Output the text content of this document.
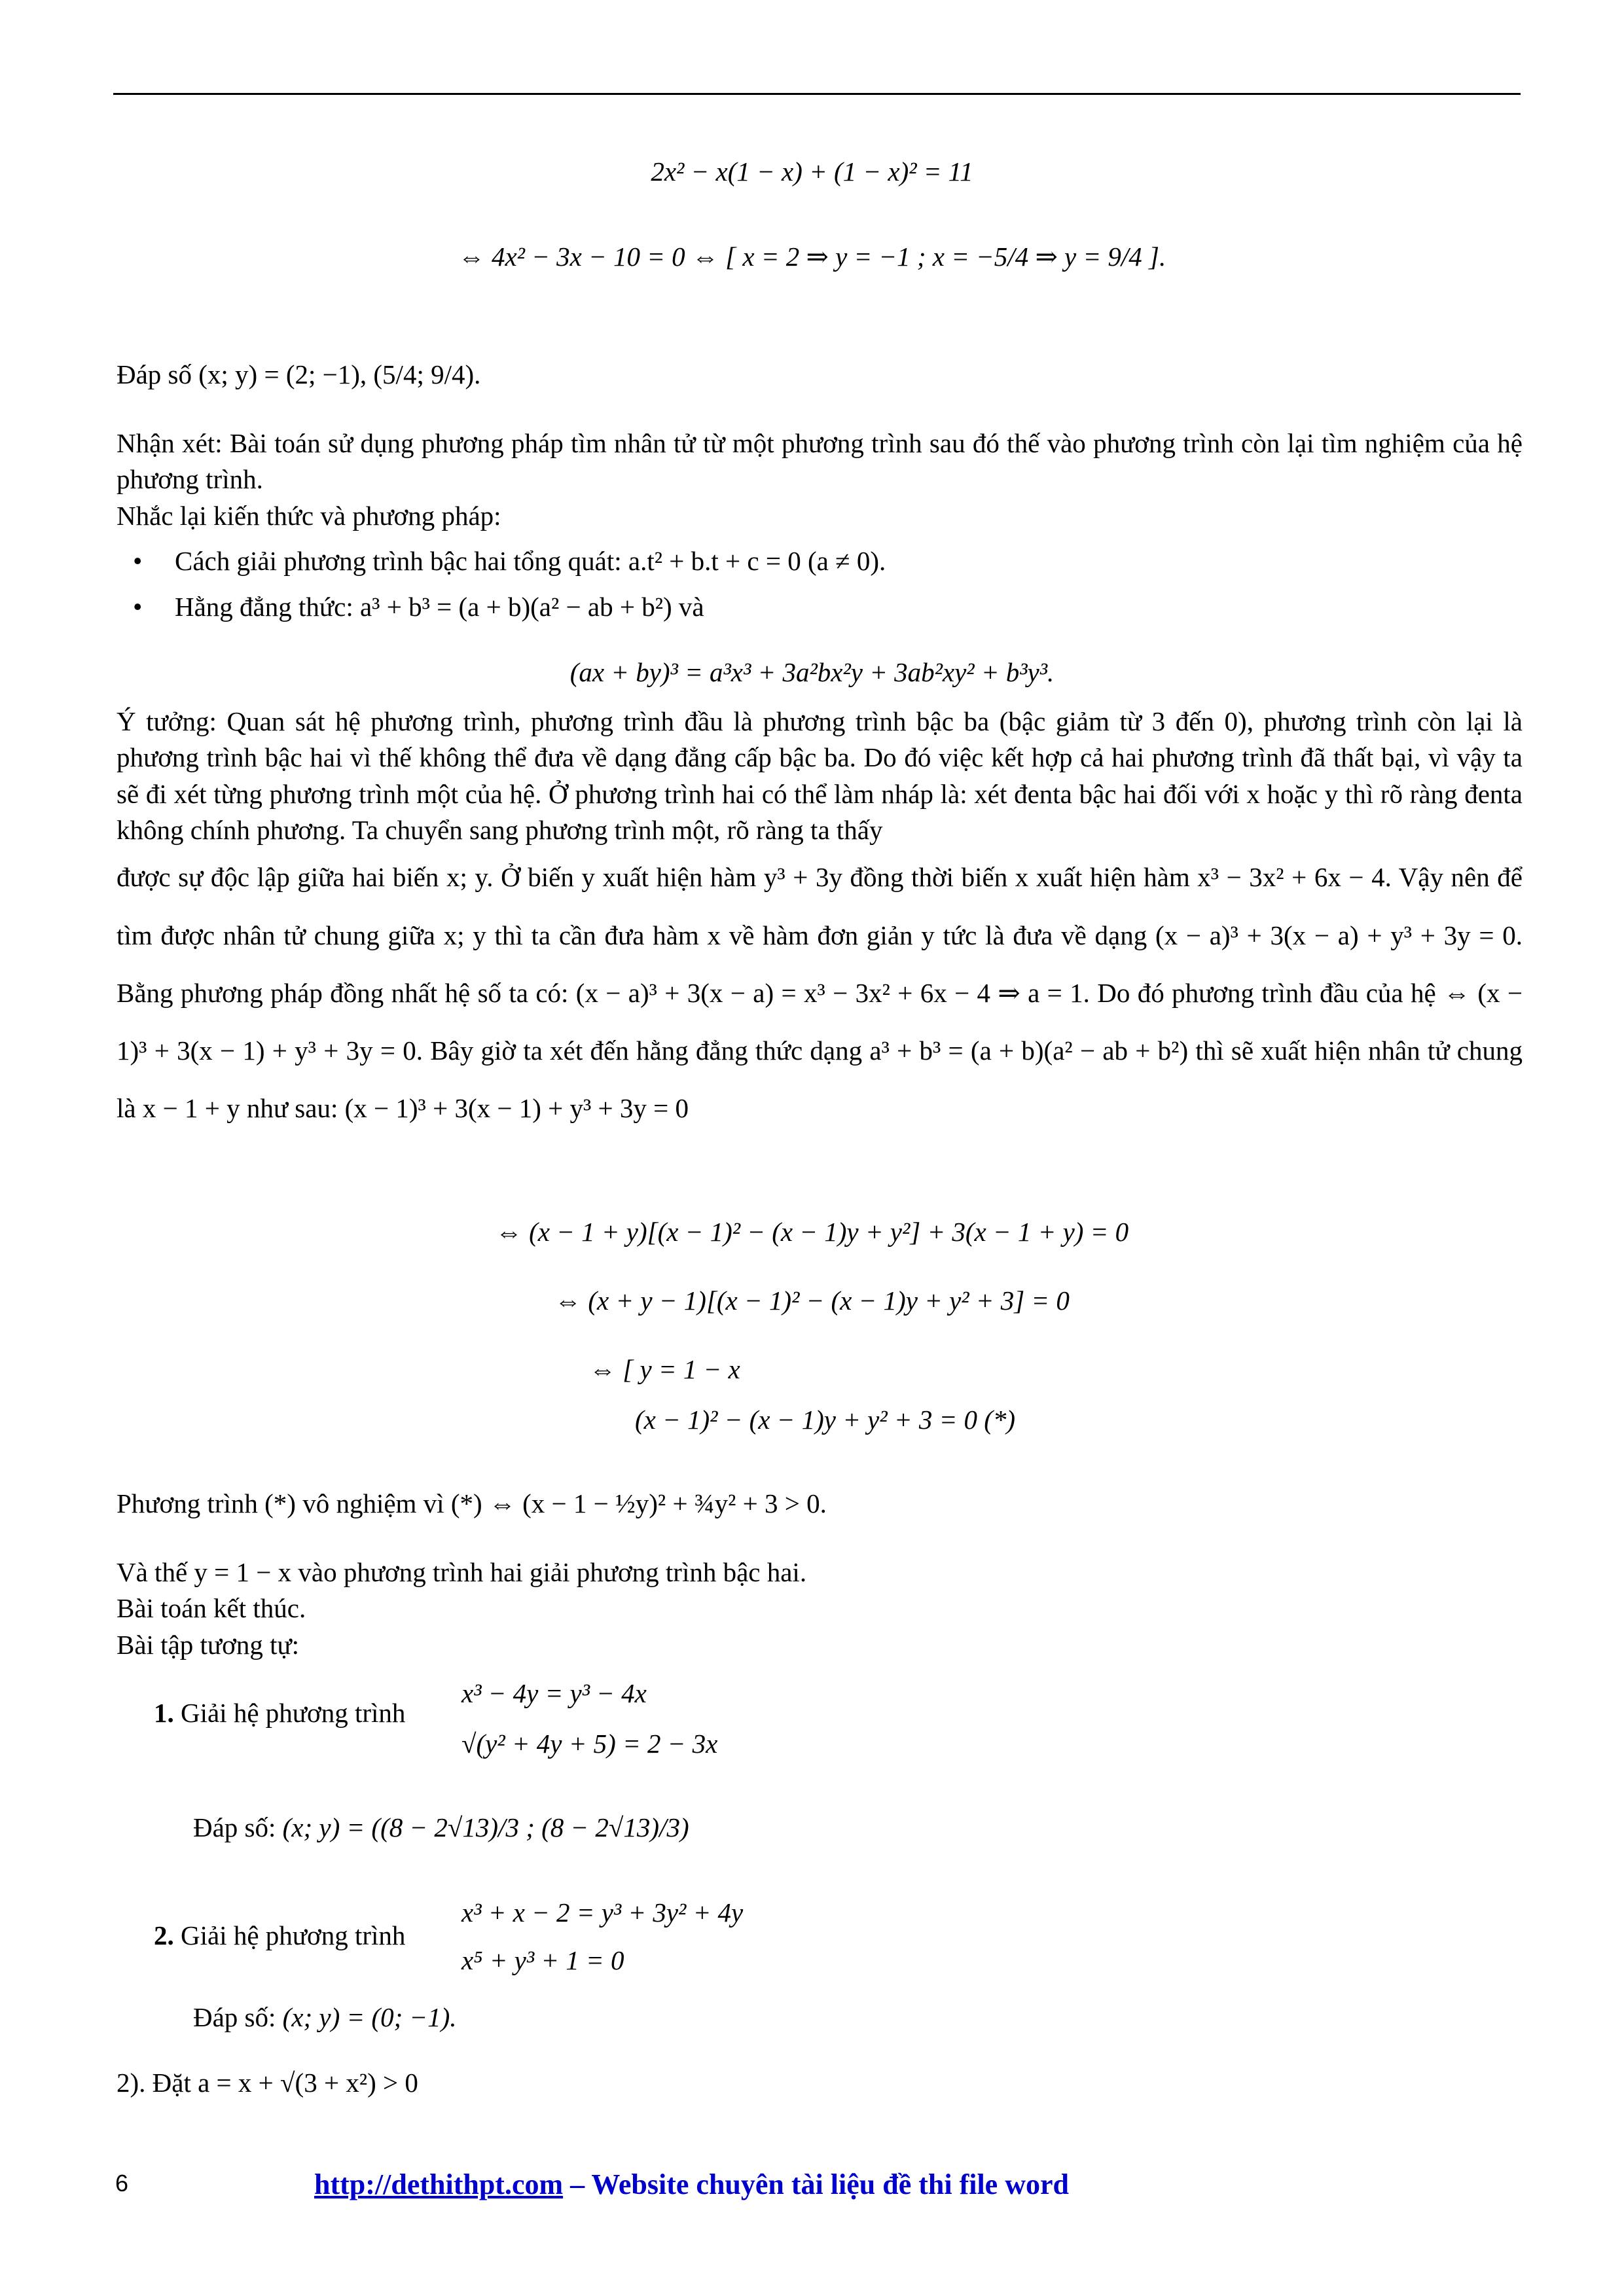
2x² − x(1 − x) + (1 − x)² = 11
⇔ 4x² − 3x − 10 = 0 ⇔ [ x = 2 ⇒ y = −1 ; x = −5/4 ⇒ y = 9/4 ].

Đáp số (x; y) = (2; −1), (5/4; 9/4).

Nhận xét: Bài toán sử dụng phương pháp tìm nhân tử từ một phương trình sau đó thế vào phương trình còn lại tìm nghiệm của hệ phương trình.

Nhắc lại kiến thức và phương pháp:

Cách giải phương trình bậc hai tổng quát: a.t² + b.t + c = 0 (a ≠ 0).
Hằng đẳng thức: a³ + b³ = (a + b)(a² − ab + b²) và
(ax + by)³ = a³x³ + 3a²bx²y + 3ab²xy² + b³y³.

Ý tưởng: Quan sát hệ phương trình, phương trình đầu là phương trình bậc ba (bậc giảm từ 3 đến 0), phương trình còn lại là phương trình bậc hai vì thế không thể đưa về dạng đẳng cấp bậc ba. Do đó việc kết hợp cả hai phương trình đã thất bại, vì vậy ta sẽ đi xét từng phương trình một của hệ. Ở phương trình hai có thể làm nháp là: xét đenta bậc hai đối với x hoặc y thì rõ ràng đenta không chính phương. Ta chuyển sang phương trình một, rõ ràng ta thấy

được sự độc lập giữa hai biến x; y. Ở biến y xuất hiện hàm y³ + 3y đồng thời biến x xuất hiện hàm x³ − 3x² + 6x − 4. Vậy nên để tìm được nhân tử chung giữa x; y thì ta cần đưa hàm x về hàm đơn giản y tức là đưa về dạng (x − a)³ + 3(x − a) + y³ + 3y = 0. Bằng phương pháp đồng nhất hệ số ta có: (x − a)³ + 3(x − a) = x³ − 3x² + 6x − 4 ⇒ a = 1. Do đó phương trình đầu của hệ ⇔ (x − 1)³ + 3(x − 1) + y³ + 3y = 0. Bây giờ ta xét đến hằng đẳng thức dạng a³ + b³ = (a + b)(a² − ab + b²) thì sẽ xuất hiện nhân tử chung là x − 1 + y như sau: (x − 1)³ + 3(x − 1) + y³ + 3y = 0

⇔ (x − 1 + y)[(x − 1)² − (x − 1)y + y²] + 3(x − 1 + y) = 0
⇔ (x + y − 1)[(x − 1)² − (x − 1)y + y² + 3] = 0
⇔ [ y = 1 − x
(x − 1)² − (x − 1)y + y² + 3 = 0 (*)

Phương trình (*) vô nghiệm vì (*) ⇔ (x − 1 − ½y)² + ¾y² + 3 > 0.

Và thế y = 1 − x vào phương trình hai giải phương trình bậc hai.

Bài toán kết thúc.

Bài tập tương tự:

1. Giải hệ phương trình
x³ − 4y = y³ − 4x
√(y² + 4y + 5) = 2 − 3x
Đáp số: (x; y) = ((8 − 2√13)/3 ; (8 − 2√13)/3)
2. Giải hệ phương trình
x³ + x − 2 = y³ + 3y² + 4y
x⁵ + y³ + 1 = 0
Đáp số: (x; y) = (0; −1).

2). Đặt a = x + √(3 + x²) > 0

6	http://dethithpt.com – Website chuyên tài liệu đề thi file word
